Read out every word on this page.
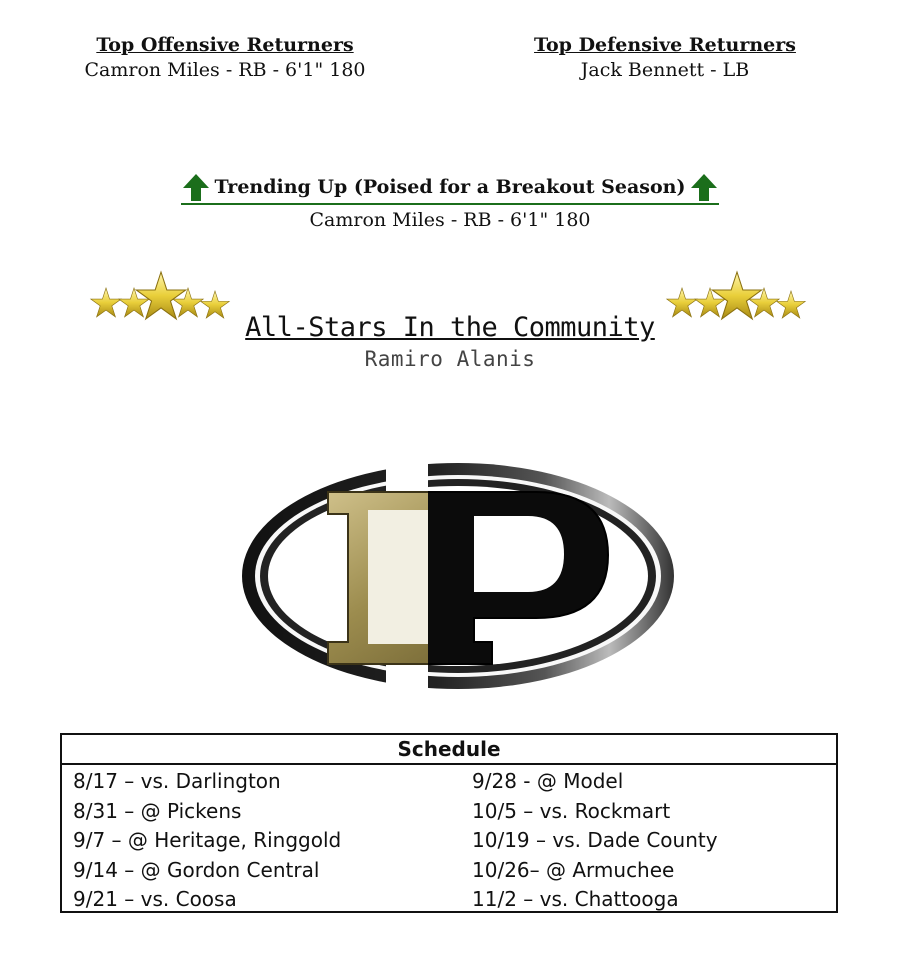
Top Offensive Returners
Camron Miles - RB - 6'1" 180
Top Defensive Returners
Jack Bennett - LB
Trending Up (Poised for a Breakout Season)
Camron Miles - RB - 6'1" 180
All-Stars In the Community
Ramiro Alanis
Schedule
8/17 – vs. Darlington
8/31 – @ Pickens
9/7 – @ Heritage, Ringgold
9/14 – @ Gordon Central
9/21 – vs. Coosa
9/28 - @ Model
10/5 – vs. Rockmart
10/19 – vs. Dade County
10/26– @ Armuchee
11/2 – vs. Chattooga
